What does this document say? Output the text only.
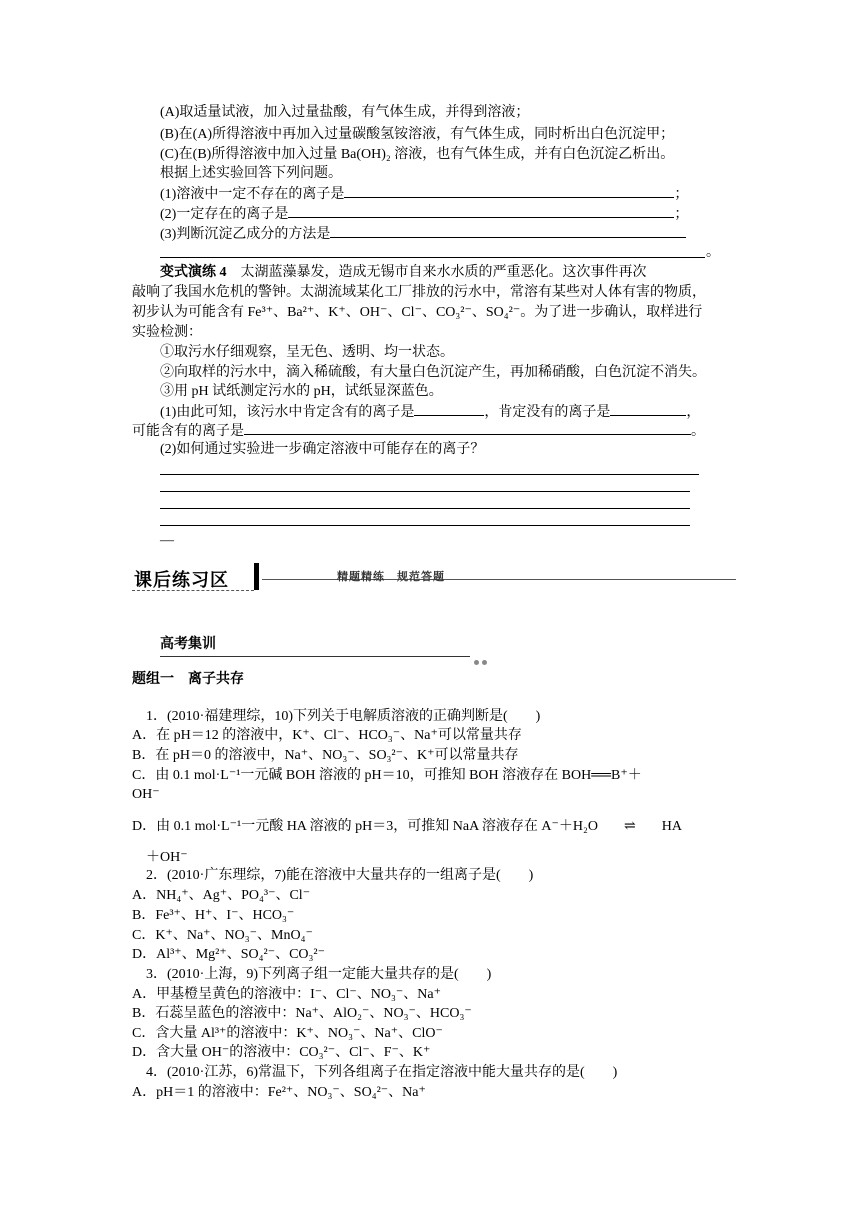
(A)取适量试液，加入过量盐酸，有气体生成，并得到溶液；
(B)在(A)所得溶液中再加入过量碳酸氢铵溶液，有气体生成，同时析出白色沉淀甲；
(C)在(B)所得溶液中加入过量 Ba(OH)₂ 溶液，也有气体生成，并有白色沉淀乙析出。
根据上述实验回答下列问题。
(1)溶液中一定不存在的离子是	；
(2)一定存在的离子是	；
(3)判断沉淀乙成分的方法是
。
变式演练 4　 太湖蓝藻暴发，造成无锡市自来水水质的严重恶化。这次事件再次
敲响了我国水危机的警钟。太湖流域某化工厂排放的污水中，常溶有某些对人体有害的物质，
初步认为可能含有 Fe³⁺、Ba²⁺、K⁺、OH⁻、Cl⁻、CO₃²⁻、SO₄²⁻。为了进一步确认，取样进行
实验检测：
①取污水仔细观察，呈无色、透明、均一状态。
②向取样的污水中，滴入稀硫酸，有大量白色沉淀产生，再加稀硝酸，白色沉淀不消失。
③用 pH 试纸测定污水的 pH，试纸显深蓝色。
(1)由此可知，该污水中肯定含有的离子是	，肯定没有的离子是	，
可能含有的离子是	。
(2)如何通过实验进一步确定溶液中可能存在的离子？
—
课后练习区	精题精练　规范答题
高考集训
题组一　离子共存
1．(2010·福建理综，10)下列关于电解质溶液的正确判断是(　　)
A．在 pH＝12 的溶液中，K⁺、Cl⁻、HCO₃⁻、Na⁺可以常量共存
B．在 pH＝0 的溶液中，Na⁺、NO₃⁻、SO₃²⁻、K⁺可以常量共存
C．由 0.1 mol·L⁻¹一元碱 BOH 溶液的 pH＝10，可推知 BOH 溶液存在 BOH══B⁺＋
OH⁻
D．由 0.1 mol·L⁻¹一元酸 HA 溶液的 pH＝3，可推知 NaA 溶液存在 A⁻＋H₂O ⇌ HA
＋OH⁻
2．(2010·广东理综，7)能在溶液中大量共存的一组离子是(　　)
A．NH₄⁺、Ag⁺、PO₄³⁻、Cl⁻
B．Fe³⁺、H⁺、I⁻、HCO₃⁻
C．K⁺、Na⁺、NO₃⁻、MnO₄⁻
D．Al³⁺、Mg²⁺、SO₄²⁻、CO₃²⁻
3．(2010·上海，9)下列离子组一定能大量共存的是(　　)
A．甲基橙呈黄色的溶液中：I⁻、Cl⁻、NO₃⁻、Na⁺
B．石蕊呈蓝色的溶液中：Na⁺、AlO₂⁻、NO₃⁻、HCO₃⁻
C．含大量 Al³⁺的溶液中：K⁺、NO₃⁻、Na⁺、ClO⁻
D．含大量 OH⁻的溶液中：CO₃²⁻、Cl⁻、F⁻、K⁺
4．(2010·江苏，6)常温下，下列各组离子在指定溶液中能大量共存的是(　　)
A．pH＝1 的溶液中：Fe²⁺、NO₃⁻、SO₄²⁻、Na⁺
